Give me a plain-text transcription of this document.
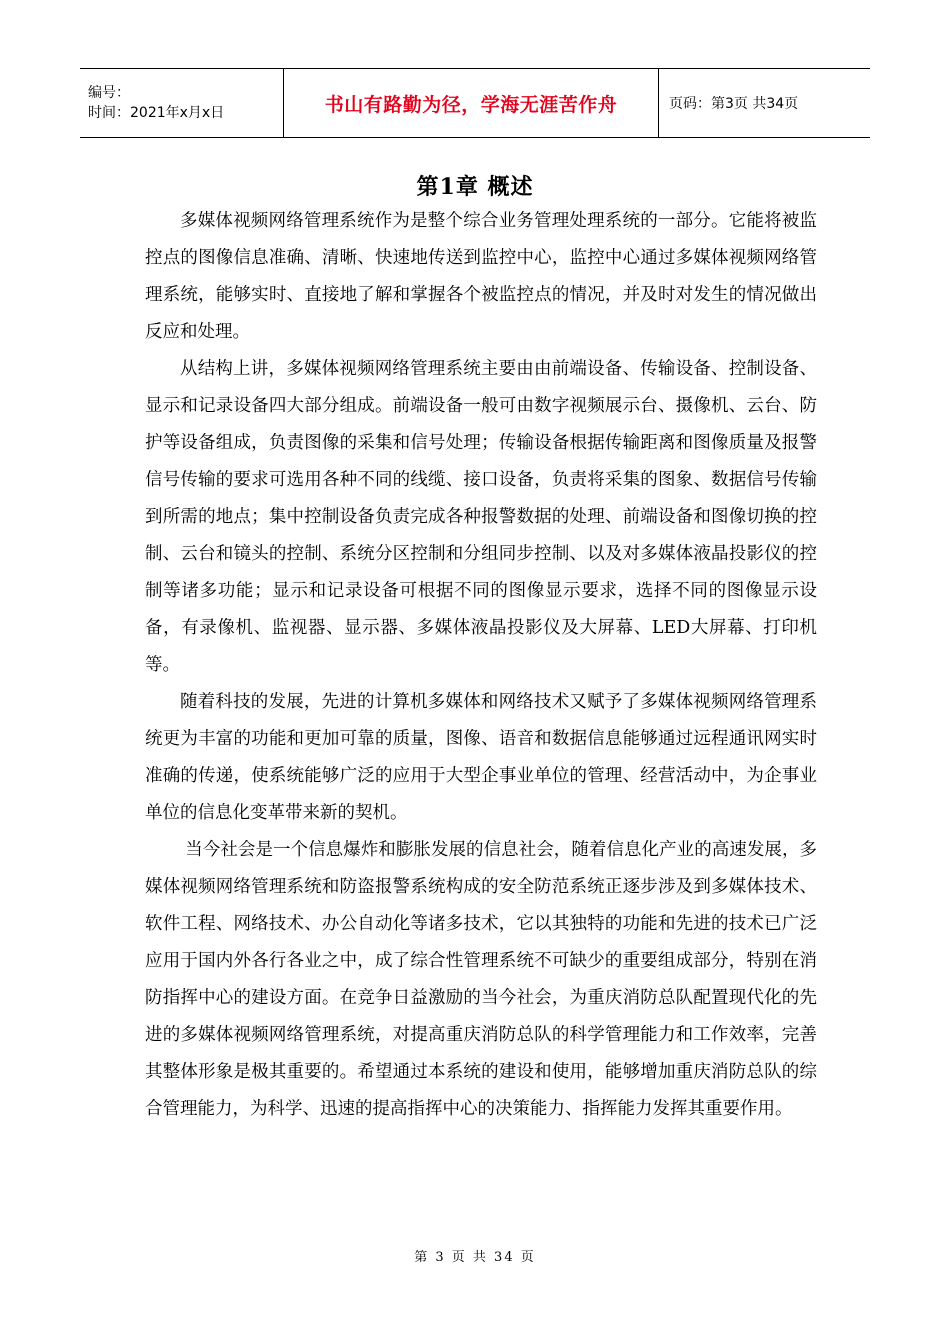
编号：
时间：2021年x月x日	书山有路勤为径，学海无涯苦作舟	页码：第3页 共34页
第1章 概述

多媒体视频网络管理系统作为是整个综合业务管理处理系统的一部分。它能将被监控点的图像信息准确、清晰、快速地传送到监控中心，监控中心通过多媒体视频网络管理系统，能够实时、直接地了解和掌握各个被监控点的情况，并及时对发生的情况做出反应和处理。

从结构上讲，多媒体视频网络管理系统主要由由前端设备、传输设备、控制设备、显示和记录设备四大部分组成。前端设备一般可由数字视频展示台、摄像机、云台、防护等设备组成，负责图像的采集和信号处理；传输设备根据传输距离和图像质量及报警信号传输的要求可选用各种不同的线缆、接口设备，负责将采集的图象、数据信号传输到所需的地点；集中控制设备负责完成各种报警数据的处理、前端设备和图像切换的控制、云台和镜头的控制、系统分区控制和分组同步控制、以及对多媒体液晶投影仪的控制等诸多功能；显示和记录设备可根据不同的图像显示要求，选择不同的图像显示设备，有录像机、监视器、显示器、多媒体液晶投影仪及大屏幕、LED大屏幕、打印机等。

随着科技的发展，先进的计算机多媒体和网络技术又赋予了多媒体视频网络管理系统更为丰富的功能和更加可靠的质量，图像、语音和数据信息能够通过远程通讯网实时准确的传递，使系统能够广泛的应用于大型企事业单位的管理、经营活动中，为企事业单位的信息化变革带来新的契机。

当今社会是一个信息爆炸和膨胀发展的信息社会，随着信息化产业的高速发展，多媒体视频网络管理系统和防盗报警系统构成的安全防范系统正逐步涉及到多媒体技术、软件工程、网络技术、办公自动化等诸多技术，它以其独特的功能和先进的技术已广泛应用于国内外各行各业之中，成了综合性管理系统不可缺少的重要组成部分，特别在消防指挥中心的建设方面。在竞争日益激励的当今社会，为重庆消防总队配置现代化的先进的多媒体视频网络管理系统，对提高重庆消防总队的科学管理能力和工作效率，完善其整体形象是极其重要的。希望通过本系统的建设和使用，能够增加重庆消防总队的综合管理能力，为科学、迅速的提高指挥中心的决策能力、指挥能力发挥其重要作用。

第 3 页 共 34 页
